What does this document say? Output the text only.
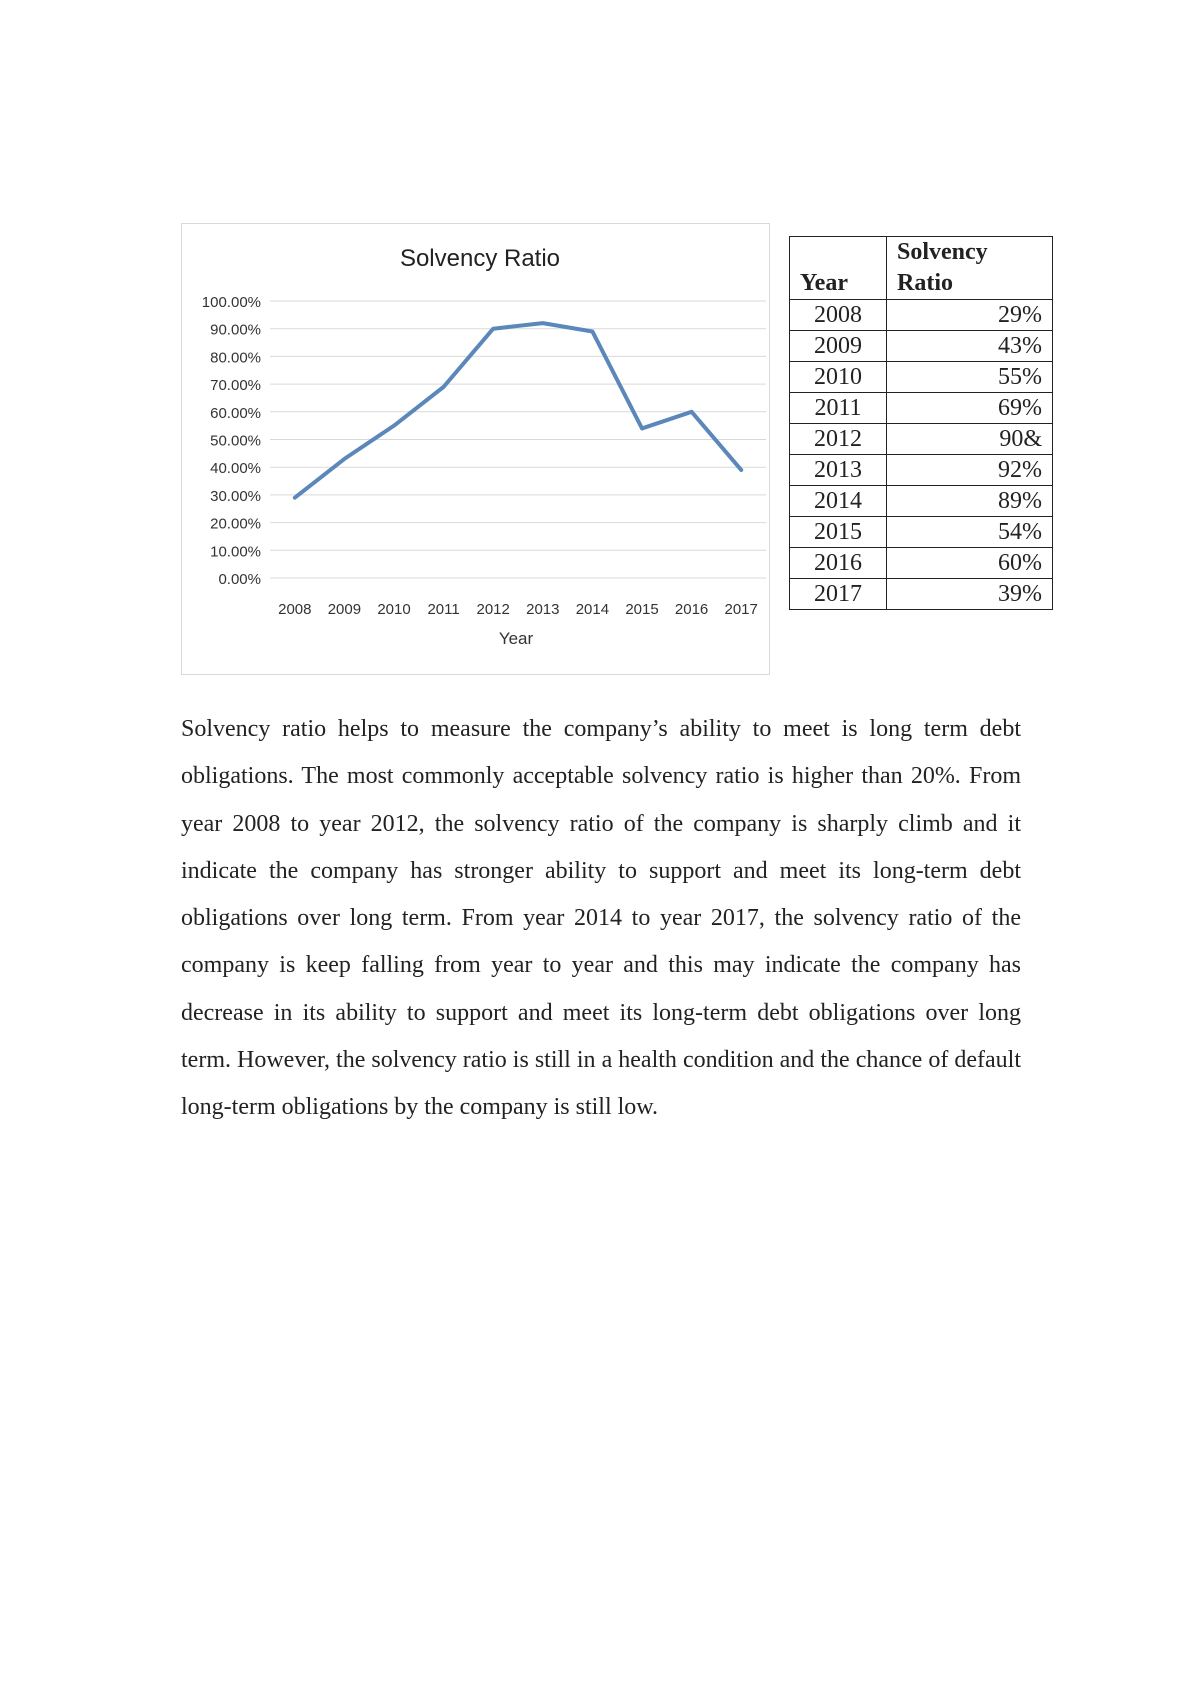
Solvency Ratio
0.00%
10.00%
20.00%
30.00%
40.00%
50.00%
60.00%
70.00%
80.00%
90.00%
100.00%
2008 2009 2010 2011 2012 2013 2014 2015 2016 2017
Year
Year	Solvency
Ratio
2008	29%
2009	43%
2010	55%
2011	69%
2012	90&
2013	92%
2014	89%
2015	54%
2016	60%
2017	39%

Solvency ratio helps to measure the company’s ability to meet is long term debt obligations. The most commonly acceptable solvency ratio is higher than 20%. From year 2008 to year 2012, the solvency ratio of the company is sharply climb and it indicate the company has stronger ability to support and meet its long-term debt obligations over long term. From year 2014 to year 2017, the solvency ratio of the company is keep falling from year to year and this may indicate the company has decrease in its ability to support and meet its long-term debt obligations over long term. However, the solvency ratio is still in a health condition and the chance of default long-term obligations by the company is still low.
